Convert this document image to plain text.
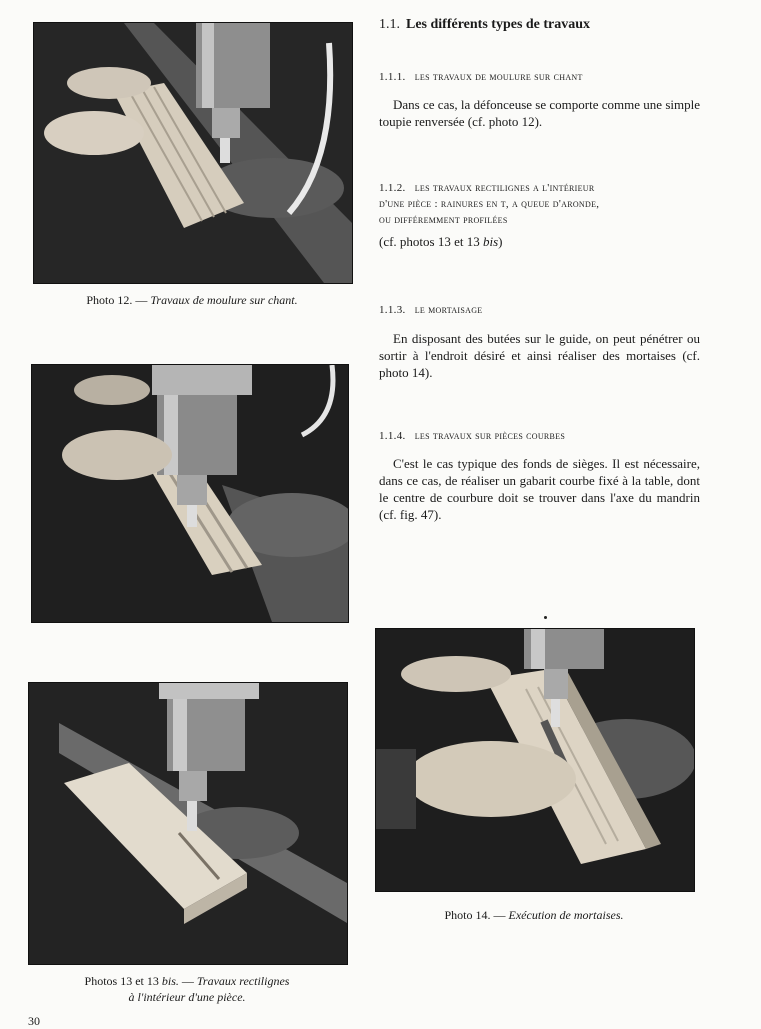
Photo 12. — Travaux de moulure sur chant.
Photos 13 et 13 bis. — Travaux rectilignes
à l'intérieur d'une pièce.
Photo 14. — Exécution de mortaises.
1.1. Les différents types de travaux
1.1.1. les travaux de moulure sur chant
Dans ce cas, la défonceuse se comporte comme une simple toupie renversée (cf. photo 12).
1.1.2. les travaux rectilignes a l'intérieur
d'une pièce : rainures en t, a queue d'aronde,
ou différemment profilées
(cf. photos 13 et 13 bis)
1.1.3. le mortaisage
En disposant des butées sur le guide, on peut pénétrer ou sortir à l'endroit désiré et ainsi réaliser des mortaises (cf. photo 14).
1.1.4. les travaux sur pièces courbes
C'est le cas typique des fonds de sièges. Il est nécessaire, dans ce cas, de réaliser un gabarit courbe fixé à la table, dont le centre de courbure doit se trouver dans l'axe du mandrin (cf. fig. 47).
30
